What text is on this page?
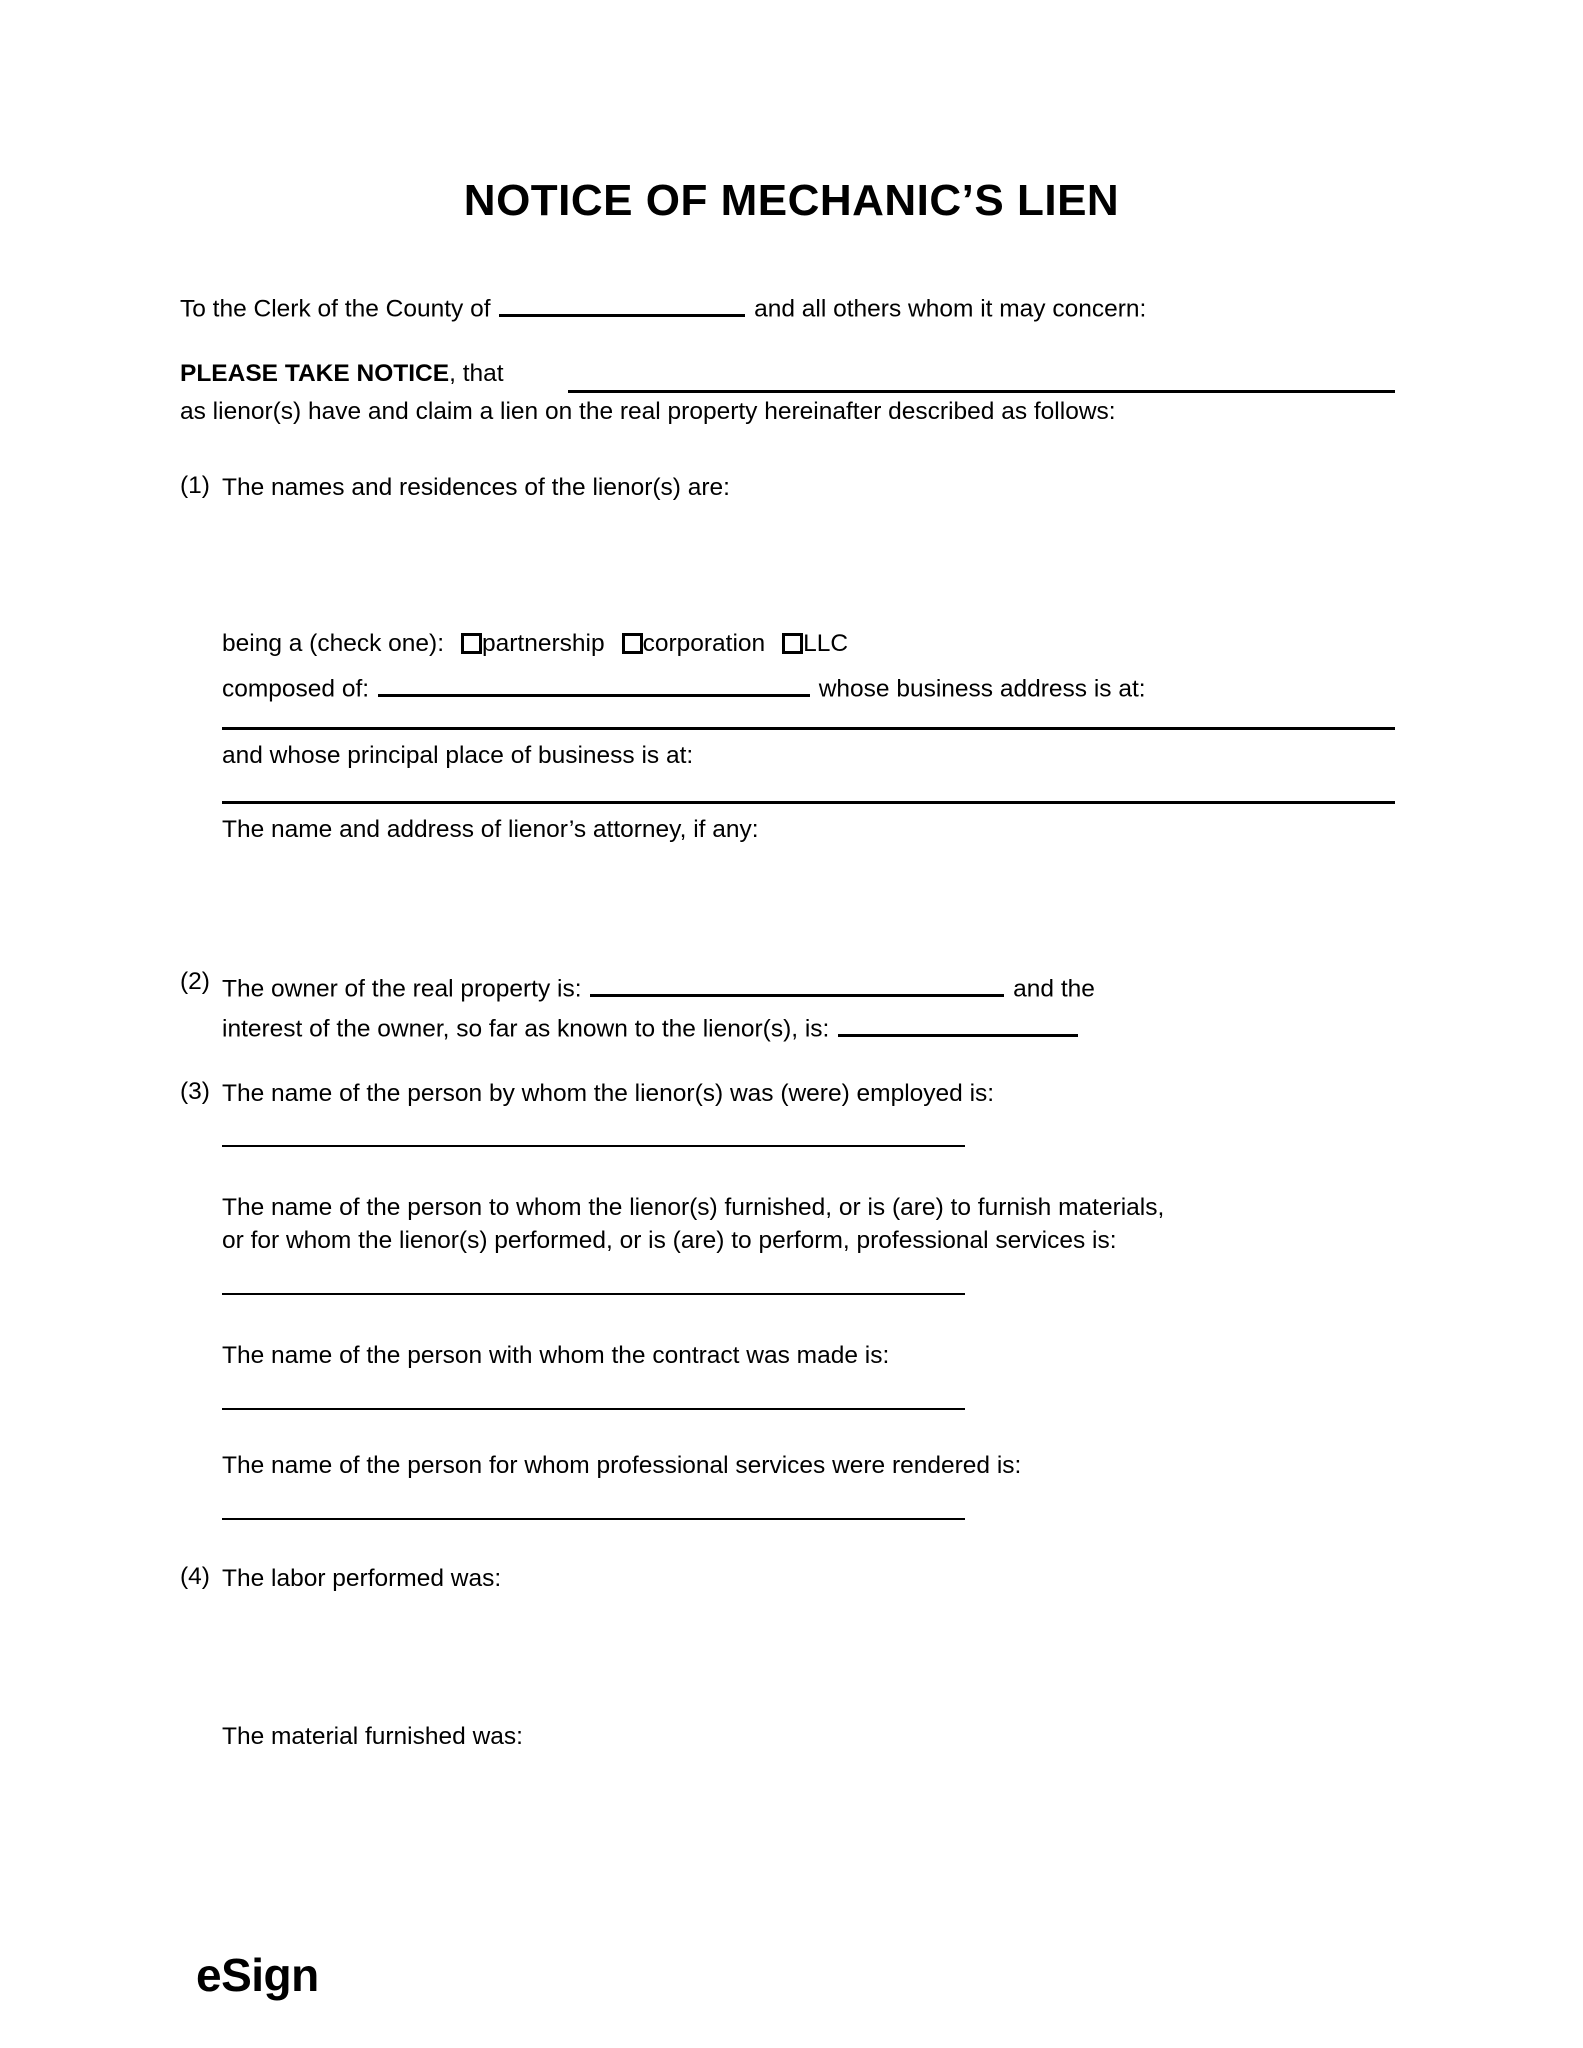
NOTICE OF MECHANIC’S LIEN
To the Clerk of the County of	and all others whom it may concern:
PLEASE TAKE NOTICE, that
as lienor(s) have and claim a lien on the real property hereinafter described as follows:
(1) The names and residences of the lienor(s) are:
being a (check one): partnership corporation LLC
composed of:	whose business address is at:
and whose principal place of business is at:
The name and address of lienor’s attorney, if any:
(2) The owner of the real property is:	and the
interest of the owner, so far as known to the lienor(s), is:
(3) The name of the person by whom the lienor(s) was (were) employed is:
The name of the person to whom the lienor(s) furnished, or is (are) to furnish materials,
or for whom the lienor(s) performed, or is (are) to perform, professional services is:
The name of the person with whom the contract was made is:
The name of the person for whom professional services were rendered is:
(4) The labor performed was:
The material furnished was:
eSign
